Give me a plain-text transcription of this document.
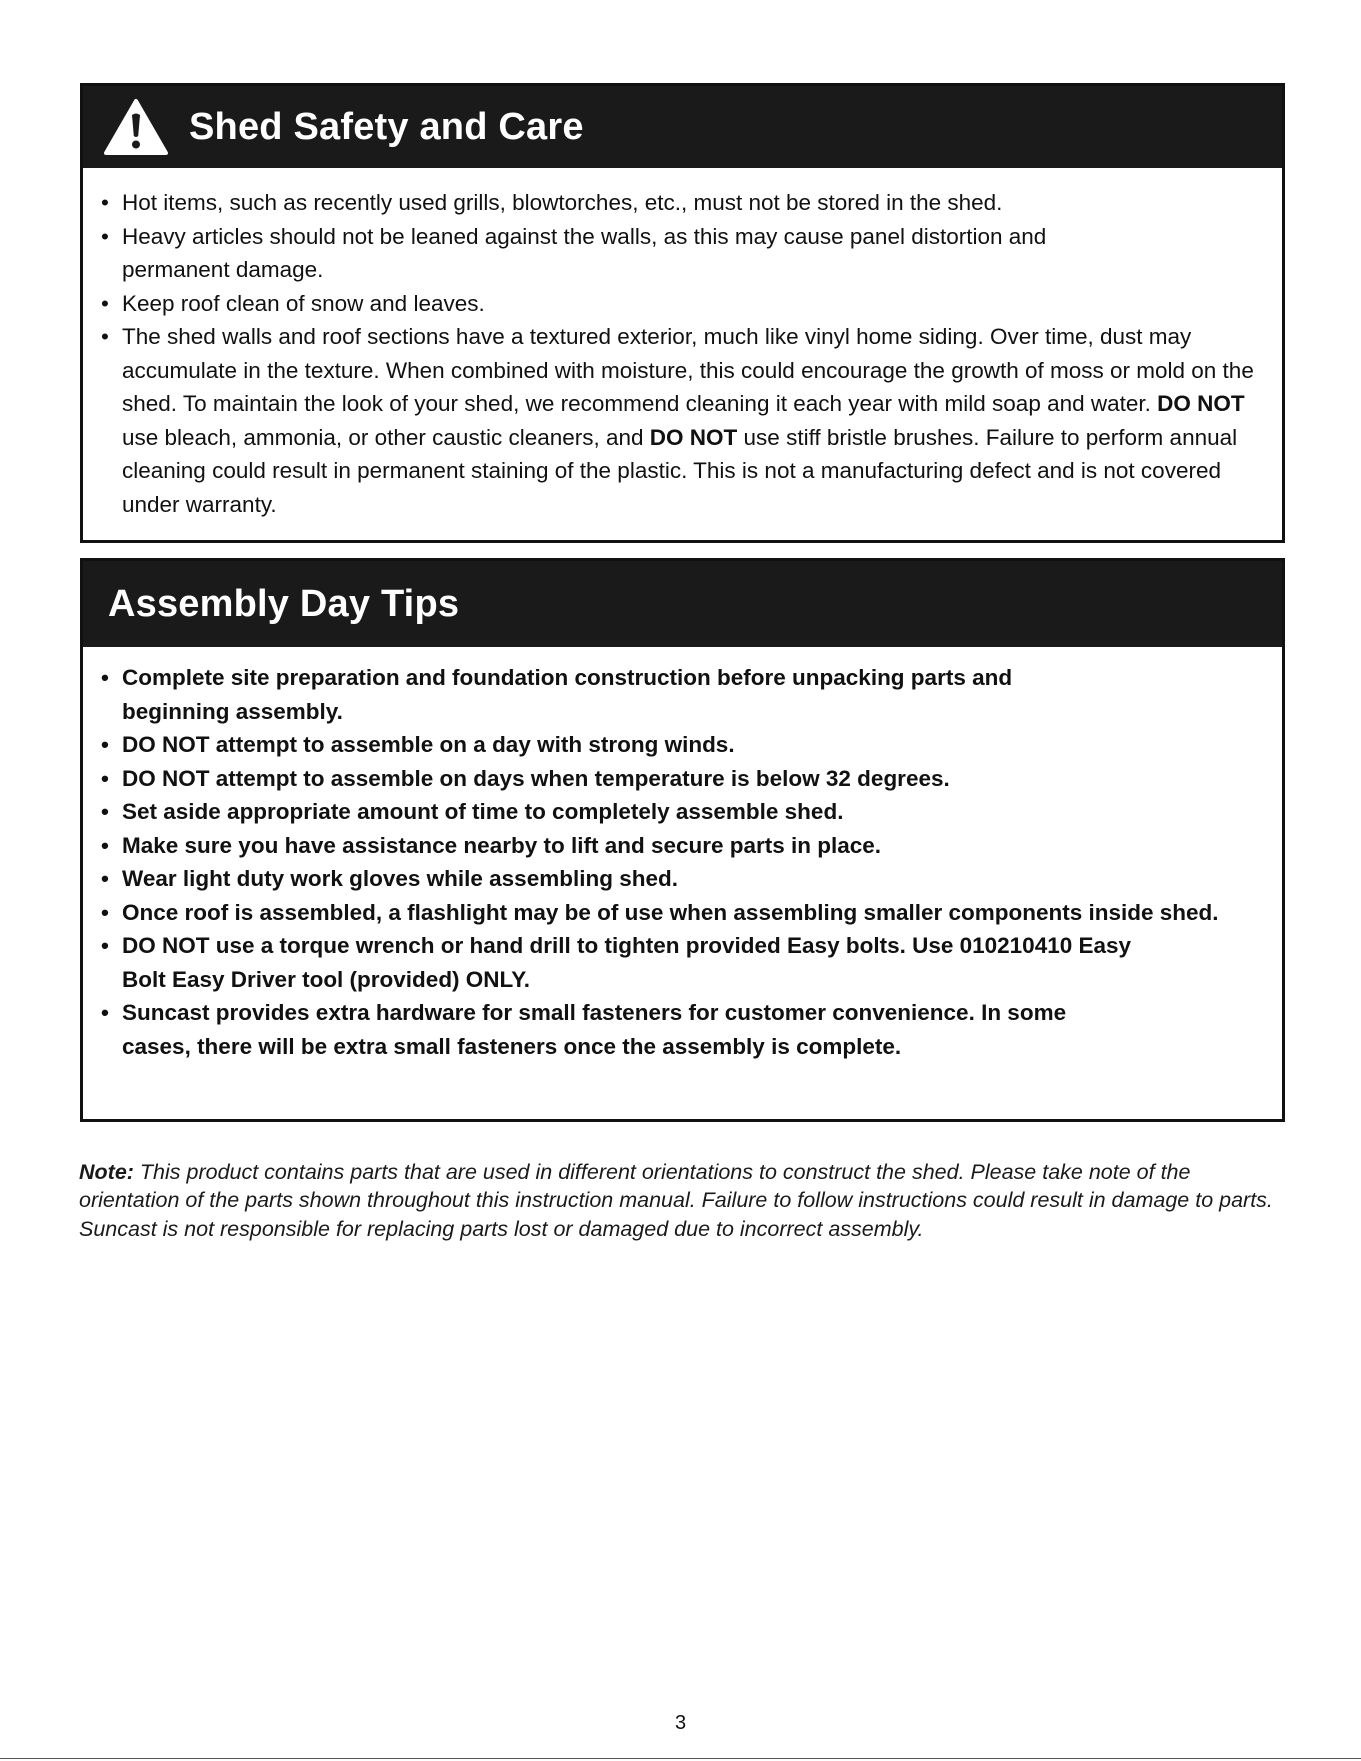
Shed Safety and Care
• Hot items, such as recently used grills, blowtorches, etc., must not be stored in the shed.
• Heavy articles should not be leaned against the walls, as this may cause panel distortion and permanent damage.
• Keep roof clean of snow and leaves.
• The shed walls and roof sections have a textured exterior, much like vinyl home siding. Over time, dust may accumulate in the texture. When combined with moisture, this could encourage the growth of moss or mold on the shed. To maintain the look of your shed, we recommend cleaning it each year with mild soap and water. DO NOT use bleach, ammonia, or other caustic cleaners, and DO NOT use stiff bristle brushes. Failure to perform annual cleaning could result in permanent staining of the plastic. This is not a manufacturing defect and is not covered under warranty.
Assembly Day Tips
• Complete site preparation and foundation construction before unpacking parts and beginning assembly.
• DO NOT attempt to assemble on a day with strong winds.
• DO NOT attempt to assemble on days when temperature is below 32 degrees.
• Set aside appropriate amount of time to completely assemble shed.
• Make sure you have assistance nearby to lift and secure parts in place.
• Wear light duty work gloves while assembling shed.
• Once roof is assembled, a flashlight may be of use when assembling smaller components inside shed.
• DO NOT use a torque wrench or hand drill to tighten provided Easy bolts. Use 010210410 Easy Bolt Easy Driver tool (provided) ONLY.
• Suncast provides extra hardware for small fasteners for customer convenience. In some cases, there will be extra small fasteners once the assembly is complete.

Note: This product contains parts that are used in different orientations to construct the shed. Please take note of the orientation of the parts shown throughout this instruction manual. Failure to follow instructions could result in damage to parts. Suncast is not responsible for replacing parts lost or damaged due to incorrect assembly.

3
